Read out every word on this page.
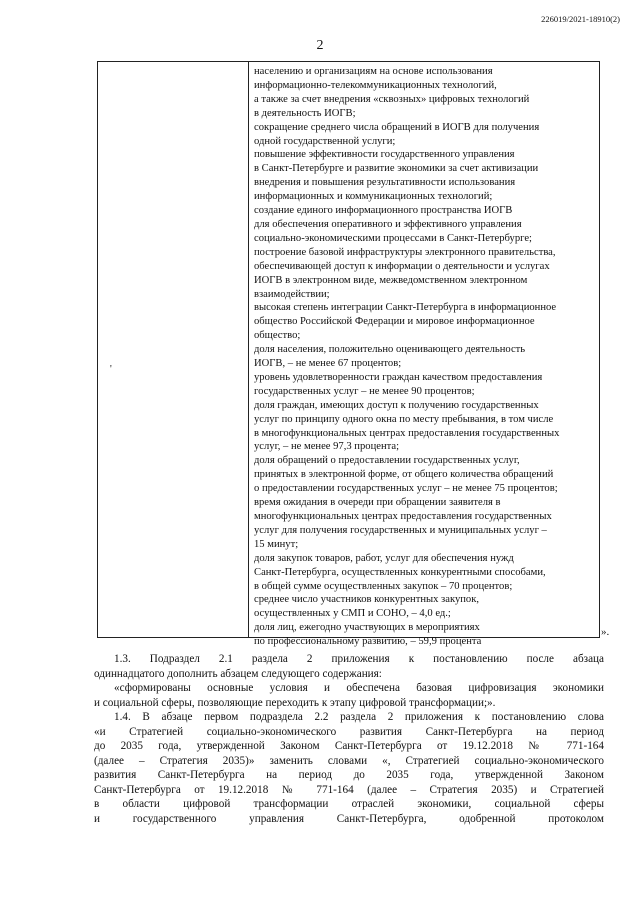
226019/2021-18910(2)
2
'
населению и организациям на основе использования
информационно-телекоммуникационных технологий,
а также за счет внедрения «сквозных» цифровых технологий
в деятельность ИОГВ;
сокращение среднего числа обращений в ИОГВ для получения
одной государственной услуги;
повышение эффективности государственного управления
в Санкт-Петербурге и развитие экономики за счет активизации
внедрения и повышения результативности использования
информационных и коммуникационных технологий;
создание единого информационного пространства ИОГВ
для обеспечения оперативного и эффективного управления
социально-экономическими процессами в Санкт-Петербурге;
построение базовой инфраструктуры электронного правительства,
обеспечивающей доступ к информации о деятельности и услугах
ИОГВ в электронном виде, межведомственном электронном
взаимодействии;
высокая степень интеграции Санкт-Петербурга в информационное
общество Российской Федерации и мировое информационное
общество;
доля населения, положительно оценивающего деятельность
ИОГВ, – не менее 67 процентов;
уровень удовлетворенности граждан качеством предоставления
государственных услуг – не менее 90 процентов;
доля граждан, имеющих доступ к получению государственных
услуг по принципу одного окна по месту пребывания, в том числе
в многофункциональных центрах предоставления государственных
услуг, – не менее 97,3 процента;
доля обращений о предоставлении государственных услуг,
принятых в электронной форме, от общего количества обращений
о предоставлении государственных услуг – не менее 75 процентов;
время ожидания в очереди при обращении заявителя в
многофункциональных центрах предоставления государственных
услуг для получения государственных и муниципальных услуг –
15 минут;
доля закупок товаров, работ, услуг для обеспечения нужд
Санкт-Петербурга, осуществленных конкурентными способами,
в общей сумме осуществленных закупок – 70 процентов;
среднее число участников конкурентных закупок,
осуществленных у СМП и СОНО, – 4,0 ед.;
доля лиц, ежегодно участвующих в мероприятиях
по профессиональному развитию, – 59,9 процента
».

1.3. Подраздел 2.1 раздела 2 приложения к постановлению после абзаца
одиннадцатого дополнить абзацем следующего содержания:

«сформированы основные условия и обеспечена базовая цифровизация экономики
и социальной сферы, позволяющие переходить к этапу цифровой трансформации;».

1.4. В абзаце первом подраздела 2.2 раздела 2 приложения к постановлению слова
«и Стратегией социально-экономического развития Санкт-Петербурга на период
до 2035 года, утвержденной Законом Санкт-Петербурга от 19.12.2018 № 771-164
(далее – Стратегия 2035)» заменить словами «, Стратегией социально-экономического
развития Санкт-Петербурга на период до 2035 года, утвержденной Законом
Санкт-Петербурга от 19.12.2018 № 771-164 (далее – Стратегия 2035) и Стратегией
в области цифровой трансформации отраслей экономики, социальной сферы
и государственного управления Санкт-Петербурга, одобренной протоколом
